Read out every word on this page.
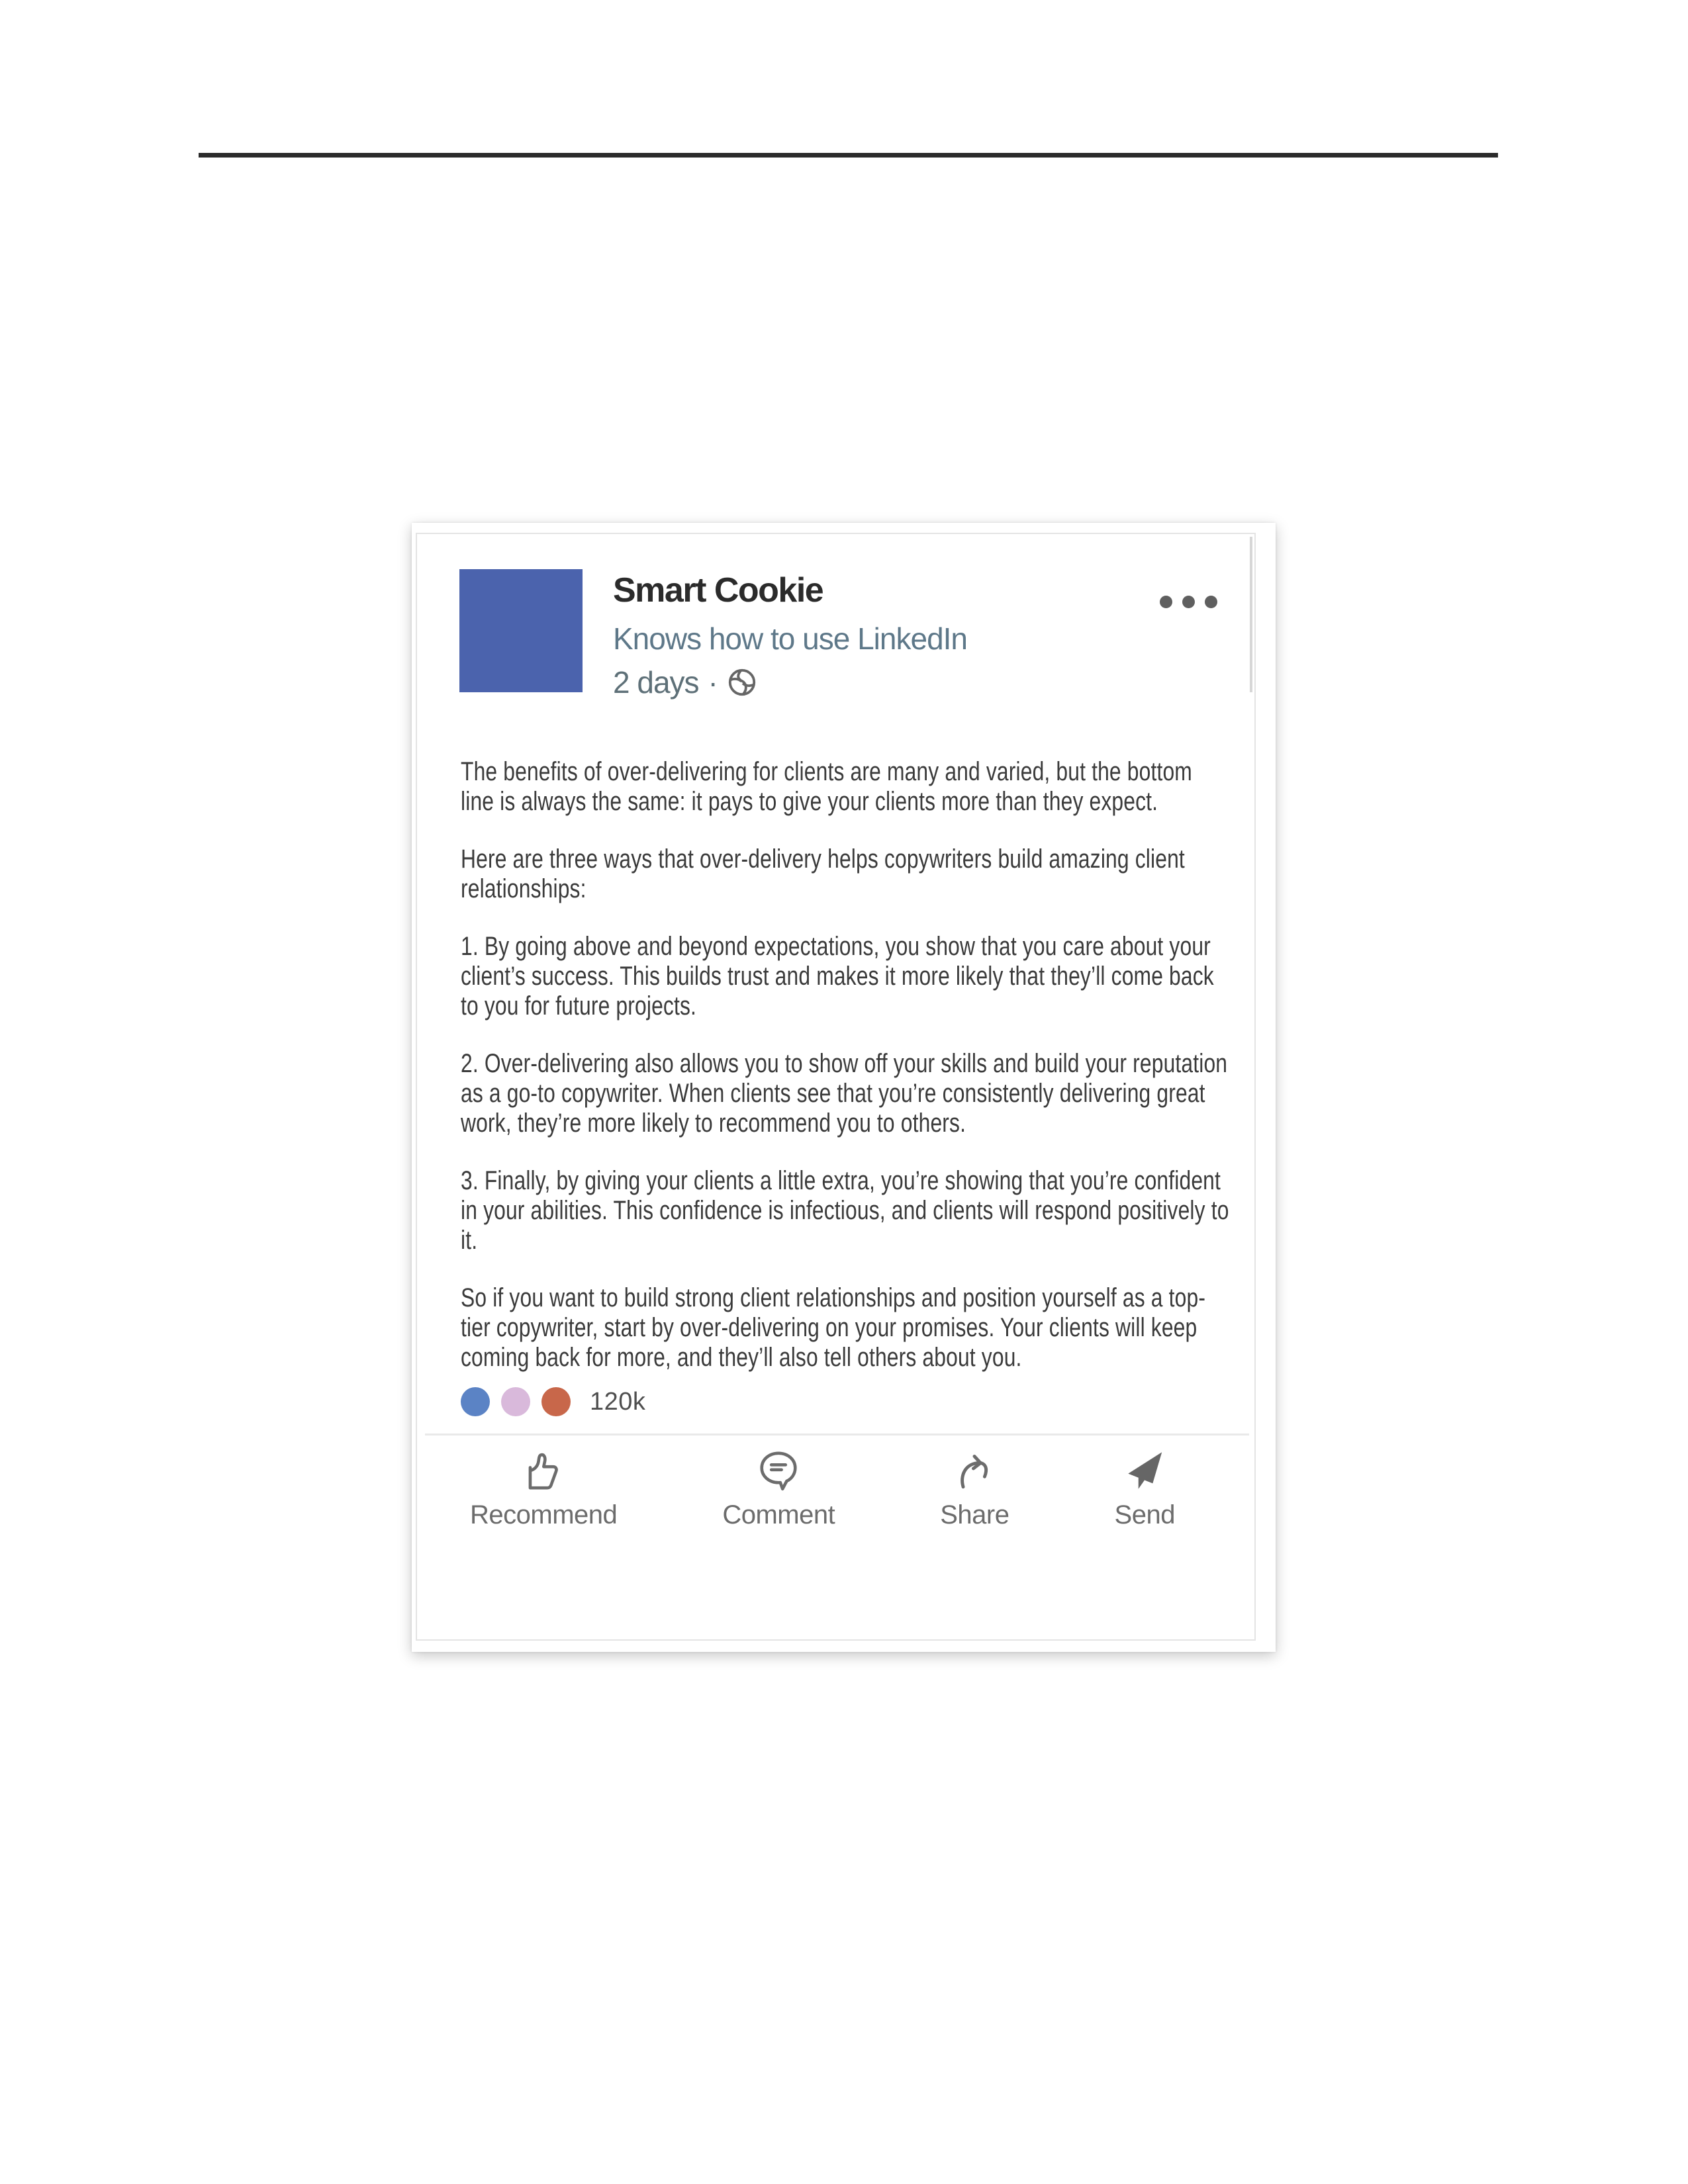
Smart Cookie
Knows how to use LinkedIn
2 days ·

The benefits of over-delivering for clients are many and varied, but the bottom line is always the same: it pays to give your clients more than they expect.

Here are three ways that over-delivery helps copywriters build amazing client relationships:

1. By going above and beyond expectations, you show that you care about your client’s success. This builds trust and makes it more likely that they’ll come back to you for future projects.

2. Over-delivering also allows you to show off your skills and build your reputation as a go-to copywriter. When clients see that you’re consistently delivering great work, they’re more likely to recommend you to others.

3. Finally, by giving your clients a little extra, you’re showing that you’re confident in your abilities. This confidence is infectious, and clients will respond positively to it.

So if you want to build strong client relationships and position yourself as a top-tier copywriter, start by over-delivering on your promises. Your clients will keep coming back for more, and they’ll also tell others about you.

120k
Recommend	Comment	Share	Send
